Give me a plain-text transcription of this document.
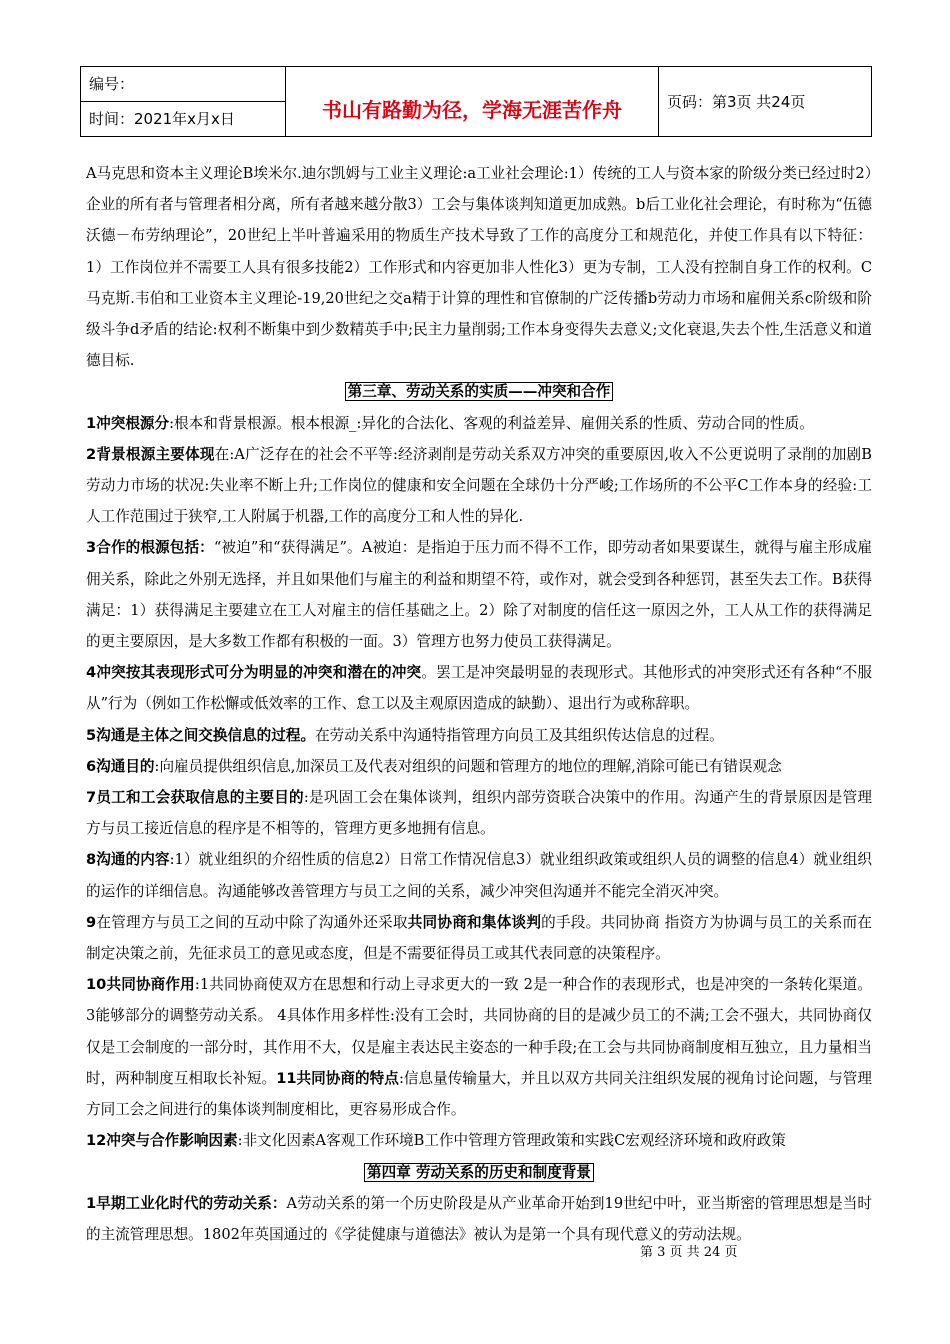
编号：	书山有路勤为径，学海无涯苦作舟	页码：第3页 共24页
时间：2021年x月x日

A马克思和资本主义理论B埃米尔.迪尔凯姆与工业主义理论:a工业社会理论:1）传统的工人与资本家的阶级分类已经过时2）企业的所有者与管理者相分离，所有者越来越分散3）工会与集体谈判知道更加成熟。b后工业化社会理论，有时称为“伍德沃德－布劳纳理论”，20世纪上半叶普遍采用的物质生产技术导致了工作的高度分工和规范化，并使工作具有以下特征： 1）工作岗位并不需要工人具有很多技能2）工作形式和内容更加非人性化3）更为专制，工人没有控制自身工作的权利。C马克斯.韦伯和工业资本主义理论-19,20世纪之交a精于计算的理性和官僚制的广泛传播b劳动力市场和雇佣关系c阶级和阶级斗争d矛盾的结论:权利不断集中到少数精英手中;民主力量削弱;工作本身变得失去意义;文化衰退,失去个性,生活意义和道德目标.

第三章、劳动关系的实质——冲突和合作

1冲突根源分:根本和背景根源。根本根源_:异化的合法化、客观的利益差异、雇佣关系的性质、劳动合同的性质。

2背景根源主要体现在:A广泛存在的社会不平等:经济剥削是劳动关系双方冲突的重要原因,收入不公更说明了录削的加剧B劳动力市场的状况:失业率不断上升;工作岗位的健康和安全问题在全球仍十分严峻;工作场所的不公平C工作本身的经验:工人工作范围过于狭窄,工人附属于机器,工作的高度分工和人性的异化.

3合作的根源包括：“被迫”和“获得满足”。A被迫：是指迫于压力而不得不工作，即劳动者如果要谋生，就得与雇主形成雇佣关系，除此之外别无选择，并且如果他们与雇主的利益和期望不符，或作对，就会受到各种惩罚，甚至失去工作。B获得满足：1）获得满足主要建立在工人对雇主的信任基础之上。2）除了对制度的信任这一原因之外，工人从工作的获得满足的更主要原因，是大多数工作都有积极的一面。3）管理方也努力使员工获得满足。

4冲突按其表现形式可分为明显的冲突和潜在的冲突。罢工是冲突最明显的表现形式。其他形式的冲突形式还有各种“不服从”行为（例如工作松懈或低效率的工作、怠工以及主观原因造成的缺勤）、退出行为或称辞职。

5沟通是主体之间交换信息的过程。在劳动关系中沟通特指管理方向员工及其组织传达信息的过程。

6沟通目的:向雇员提供组织信息,加深员工及代表对组织的问题和管理方的地位的理解,消除可能已有错误观念

7员工和工会获取信息的主要目的:是巩固工会在集体谈判，组织内部劳资联合决策中的作用。沟通产生的背景原因是管理方与员工接近信息的程序是不相等的，管理方更多地拥有信息。

8沟通的内容:1）就业组织的介绍性质的信息2）日常工作情况信息3）就业组织政策或组织人员的调整的信息4）就业组织的运作的详细信息。沟通能够改善管理方与员工之间的关系，减少冲突但沟通并不能完全消灭冲突。

9在管理方与员工之间的互动中除了沟通外还采取共同协商和集体谈判的手段。共同协商 指资方为协调与员工的关系而在制定决策之前，先征求员工的意见或态度，但是不需要征得员工或其代表同意的决策程序。

10共同协商作用:1共同协商使双方在思想和行动上寻求更大的一致 2是一种合作的表现形式，也是冲突的一条转化渠道。 3能够部分的调整劳动关系。 4具体作用多样性:没有工会时，共同协商的目的是减少员工的不满;工会不强大，共同协商仅仅是工会制度的一部分时，其作用不大，仅是雇主表达民主姿态的一种手段;在工会与共同协商制度相互独立，且力量相当时，两种制度互相取长补短。11共同协商的特点:信息量传输量大，并且以双方共同关注组织发展的视角讨论问题，与管理方同工会之间进行的集体谈判制度相比，更容易形成合作。

12冲突与合作影响因素:非文化因素A客观工作环境B工作中管理方管理政策和实践C宏观经济环境和政府政策

第四章 劳动关系的历史和制度背景

1早期工业化时代的劳动关系：A劳动关系的第一个历史阶段是从产业革命开始到19世纪中叶，亚当斯密的管理思想是当时的主流管理思想。1802年英国通过的《学徒健康与道德法》被认为是第一个具有现代意义的劳动法规。

第 3 页 共 24 页
